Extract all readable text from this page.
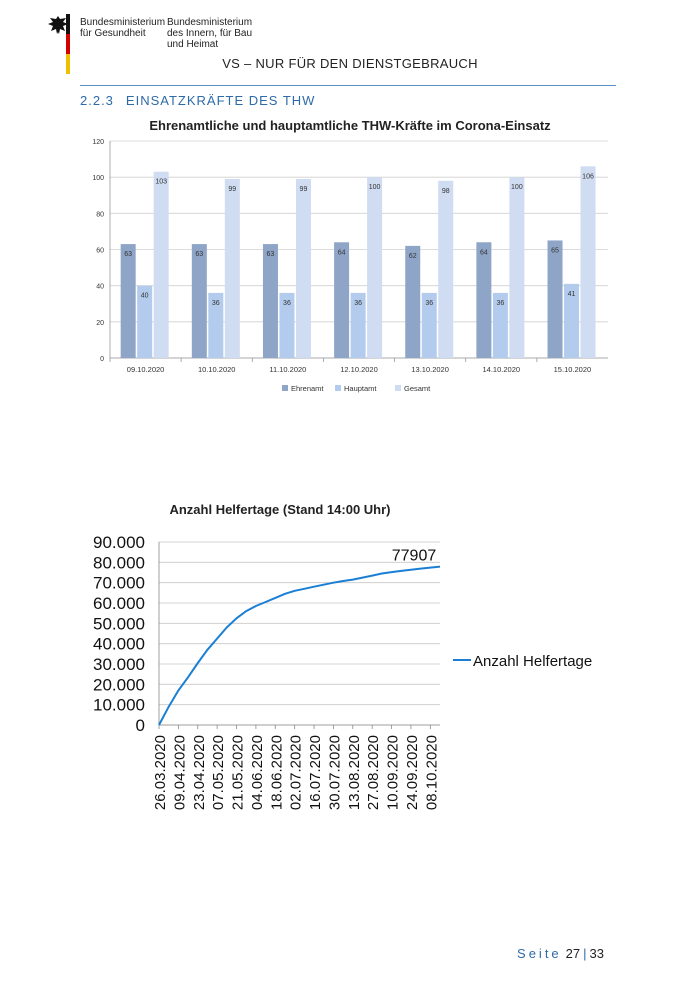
Bundesministerium
für Gesundheit
Bundesministerium
des Innern, für Bau
und Heimat
VS – NUR FÜR DEN DIENSTGEBRAUCH
2.2.3 EINSATZKRÄFTE DES THW
Ehrenamtliche und hauptamtliche THW-Kräfte im Corona-Einsatz
0
20
40
60
80
100
120
63
40
103
63
36
99
63
36
99
64
36
100
62
36
98
64
36
100
65
41
106
09.10.2020	10.10.2020	11.10.2020	12.10.2020	13.10.2020	14.10.2020	15.10.2020
Ehrenamt	Hauptamt	Gesamt
Anzahl Helfertage (Stand 14:00 Uhr)
0
10.000
20.000
30.000
40.000
50.000
60.000
70.000
80.000
90.000
77907
26.03.2020 09.04.2020 23.04.2020 07.05.2020 21.05.2020 04.06.2020 18.06.2020 02.07.2020 16.07.2020 30.07.2020 13.08.2020 27.08.2020 10.09.2020 24.09.2020 08.10.2020
Anzahl Helfertage
Seite 27 | 33
